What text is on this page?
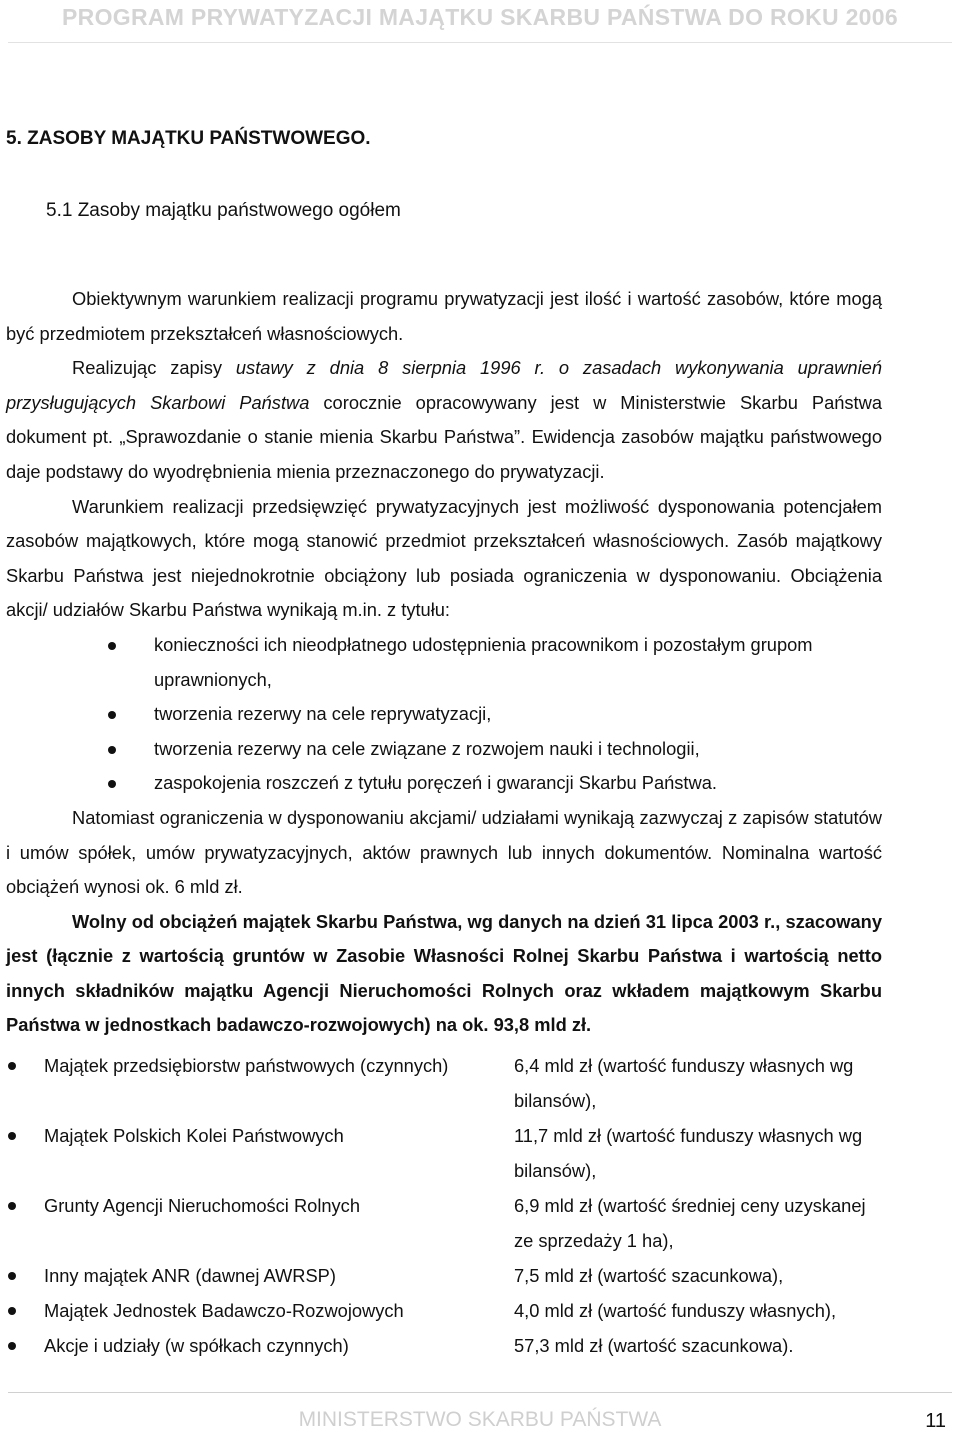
PROGRAM PRYWATYZACJI MAJĄTKU SKARBU PAŃSTWA DO ROKU 2006
5. ZASOBY MAJĄTKU PAŃSTWOWEGO.
5.1 Zasoby majątku państwowego ogółem

Obiektywnym warunkiem realizacji programu prywatyzacji jest ilość i wartość zasobów, które mogą być przedmiotem przekształceń własnościowych.

Realizując zapisy ustawy z dnia 8 sierpnia 1996 r. o zasadach wykonywania uprawnień przysługujących Skarbowi Państwa corocznie opracowywany jest w Ministerstwie Skarbu Państwa dokument pt. „Sprawozdanie o stanie mienia Skarbu Państwa”. Ewidencja zasobów majątku państwowego daje podstawy do wyodrębnienia mienia przeznaczonego do prywatyzacji.

Warunkiem realizacji przedsięwzięć prywatyzacyjnych jest możliwość dysponowania potencjałem zasobów majątkowych, które mogą stanowić przedmiot przekształceń własnościowych. Zasób majątkowy Skarbu Państwa jest niejednokrotnie obciążony lub posiada ograniczenia w dysponowaniu. Obciążenia akcji/ udziałów Skarbu Państwa wynikają m.in. z tytułu:

konieczności ich nieodpłatnego udostępnienia pracownikom i pozostałym grupom uprawnionych,
tworzenia rezerwy na cele reprywatyzacji,
tworzenia rezerwy na cele związane z rozwojem nauki i technologii,
zaspokojenia roszczeń z tytułu poręczeń i gwarancji Skarbu Państwa.

Natomiast ograniczenia w dysponowaniu akcjami/ udziałami wynikają zazwyczaj z zapisów statutów i umów spółek, umów prywatyzacyjnych, aktów prawnych lub innych dokumentów. Nominalna wartość obciążeń wynosi ok. 6 mld zł.

Wolny od obciążeń majątek Skarbu Państwa, wg danych na dzień 31 lipca 2003 r., szacowany jest (łącznie z wartością gruntów w Zasobie Własności Rolnej Skarbu Państwa i wartością netto innych składników majątku Agencji Nieruchomości Rolnych oraz wkładem majątkowym Skarbu Państwa w jednostkach badawczo-rozwojowych) na ok. 93,8 mld zł.

Majątek przedsiębiorstw państwowych (czynnych)	6,4 mld zł (wartość funduszy własnych wg bilansów),
Majątek Polskich Kolei Państwowych	11,7 mld zł (wartość funduszy własnych wg bilansów),
Grunty Agencji Nieruchomości Rolnych	6,9 mld zł (wartość średniej ceny uzyskanej ze sprzedaży 1 ha),
Inny majątek ANR (dawnej AWRSP)	7,5 mld zł (wartość szacunkowa),
Majątek Jednostek Badawczo-Rozwojowych	4,0 mld zł (wartość funduszy własnych),
Akcje i udziały (w spółkach czynnych)	57,3 mld zł (wartość szacunkowa).
MINISTERSTWO SKARBU PAŃSTWA	11
